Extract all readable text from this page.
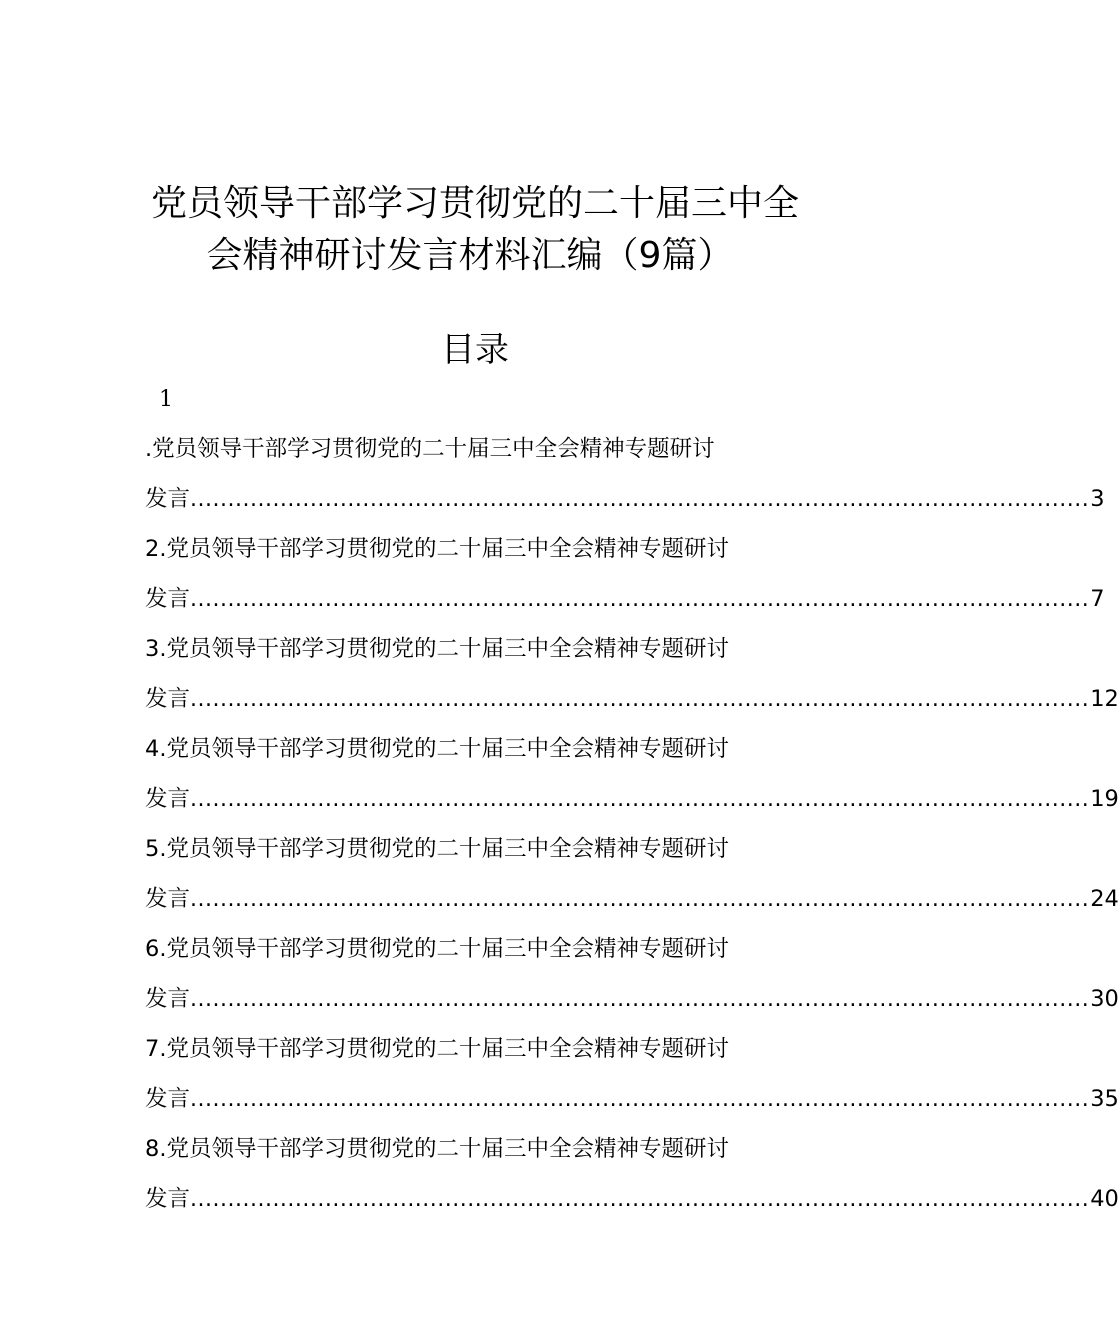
党员领导干部学习贯彻党的二十届三中全
会精神研讨发言材料汇编（9篇）
目录
1
.党员领导干部学习贯彻党的二十届三中全会精神专题研讨
发言 ........................................................................................................................ 3
2.党员领导干部学习贯彻党的二十届三中全会精神专题研讨
发言 ........................................................................................................................ 7
3.党员领导干部学习贯彻党的二十届三中全会精神专题研讨
发言 ........................................................................................................................ 12
4.党员领导干部学习贯彻党的二十届三中全会精神专题研讨
发言 ........................................................................................................................ 19
5.党员领导干部学习贯彻党的二十届三中全会精神专题研讨
发言 ........................................................................................................................ 24
6.党员领导干部学习贯彻党的二十届三中全会精神专题研讨
发言 ........................................................................................................................ 30
7.党员领导干部学习贯彻党的二十届三中全会精神专题研讨
发言 ........................................................................................................................ 35
8.党员领导干部学习贯彻党的二十届三中全会精神专题研讨
发言 ........................................................................................................................ 40
